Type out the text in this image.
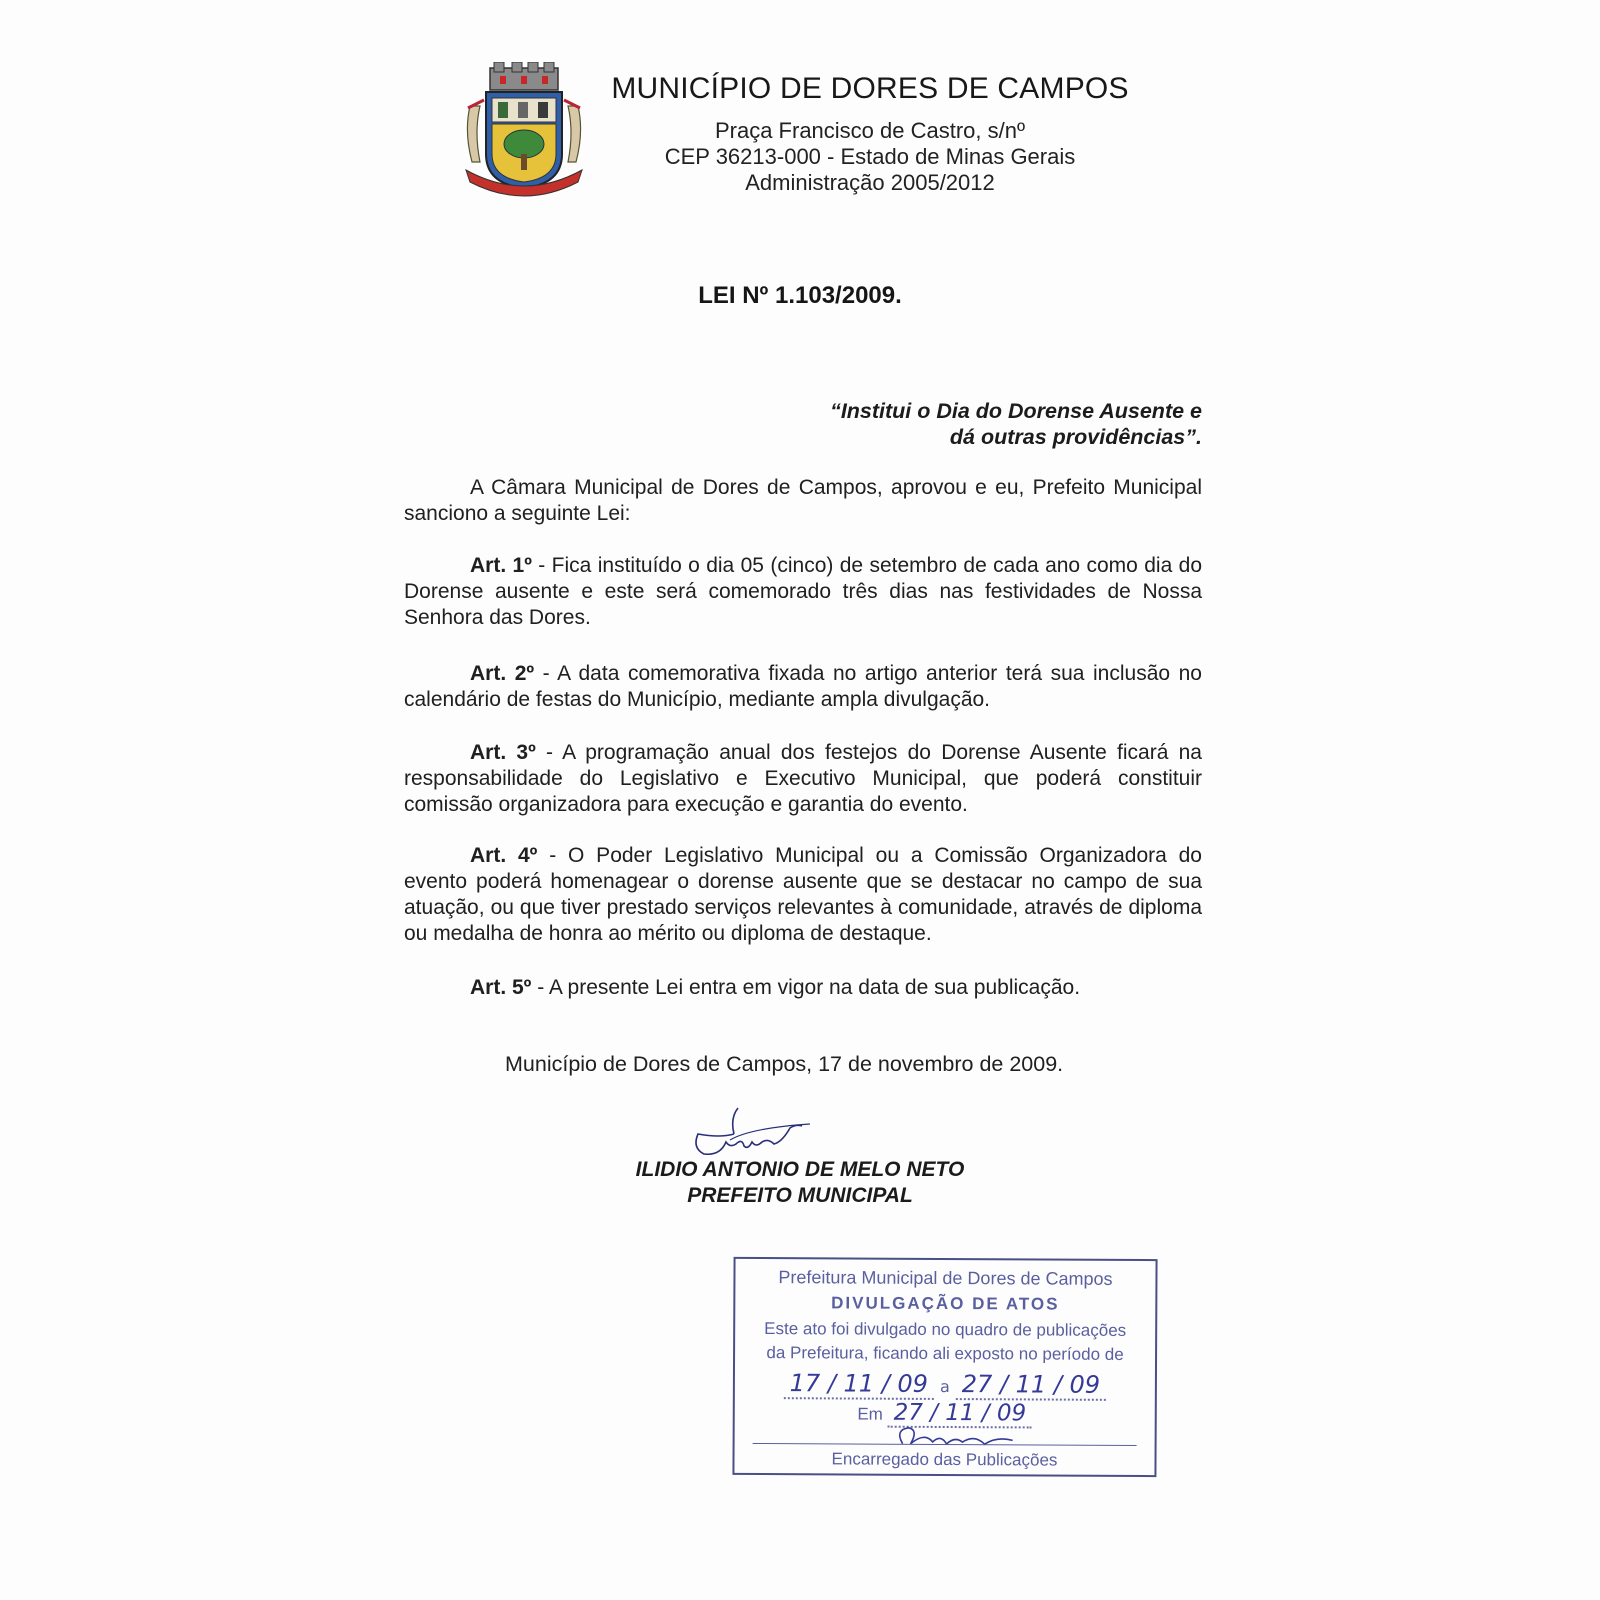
MUNICÍPIO DE DORES DE CAMPOS
Praça Francisco de Castro, s/nº
CEP 36213-000 - Estado de Minas Gerais
Administração 2005/2012
LEI Nº 1.103/2009.
“Institui o Dia do Dorense Ausente e
dá outras providências”.

A Câmara Municipal de Dores de Campos, aprovou e eu, Prefeito Municipal sanciono a seguinte Lei:

Art. 1º - Fica instituído o dia 05 (cinco) de setembro de cada ano como dia do Dorense ausente e este será comemorado três dias nas festividades de Nossa Senhora das Dores.

Art. 2º - A data comemorativa fixada no artigo anterior terá sua inclusão no calendário de festas do Município, mediante ampla divulgação.

Art. 3º - A programação anual dos festejos do Dorense Ausente ficará na responsabilidade do Legislativo e Executivo Municipal, que poderá constituir comissão organizadora para execução e garantia do evento.

Art. 4º - O Poder Legislativo Municipal ou a Comissão Organizadora do evento poderá homenagear o dorense ausente que se destacar no campo de sua atuação, ou que tiver prestado serviços relevantes à comunidade, através de diploma ou medalha de honra ao mérito ou diploma de destaque.

Art. 5º - A presente Lei entra em vigor na data de sua publicação.

Município de Dores de Campos, 17 de novembro de 2009.
ILIDIO ANTONIO DE MELO NETO
PREFEITO MUNICIPAL
Prefeitura Municipal de Dores de Campos
DIVULGAÇÃO DE ATOS
Este ato foi divulgado no quadro de publicações
da Prefeitura, ficando ali exposto no período de
17 / 11 / 09 a 27 / 11 / 09
Em 27 / 11 / 09
Encarregado das Publicações
